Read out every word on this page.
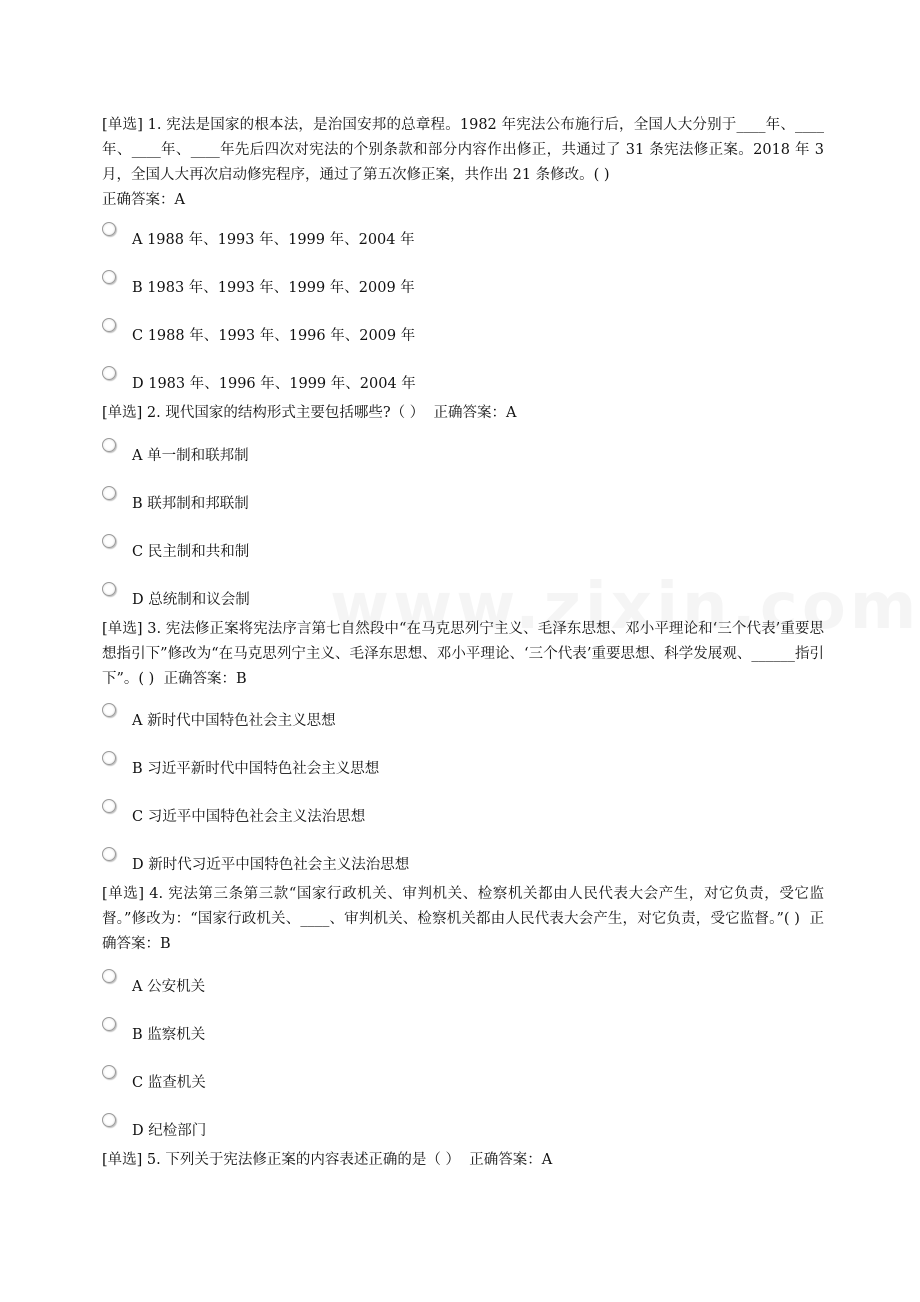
[单选] 1. 宪法是国家的根本法，是治国安邦的总章程。1982 年宪法公布施行后，全国人大分别于____年、____ 年、____年、____年先后四次对宪法的个别条款和部分内容作出修正，共通过了 31 条宪法修正案。2018 年 3 月，全国人大再次启动修宪程序，通过了第五次修正案，共作出 21 条修改。( )
正确答案：A
A 1988 年、1993 年、1999 年、2004 年
B 1983 年、1993 年、1999 年、2009 年
C 1988 年、1993 年、1996 年、2009 年
D 1983 年、1996 年、1999 年、2004 年
[单选] 2. 现代国家的结构形式主要包括哪些?（ ） 正确答案：A
A 单一制和联邦制
B 联邦制和邦联制
C 民主制和共和制
D 总统制和议会制
[单选] 3. 宪法修正案将宪法序言第七自然段中“在马克思列宁主义、毛泽东思想、邓小平理论和‘三个代表’重要思想指引下”修改为“在马克思列宁主义、毛泽东思想、邓小平理论、‘三个代表’重要思想、科学发展观、______指引下”。( ) 正确答案：B
A 新时代中国特色社会主义思想
B 习近平新时代中国特色社会主义思想
C 习近平中国特色社会主义法治思想
D 新时代习近平中国特色社会主义法治思想
[单选] 4. 宪法第三条第三款“国家行政机关、审判机关、检察机关都由人民代表大会产生，对它负责，受它监督。”修改为：“国家行政机关、____、审判机关、检察机关都由人民代表大会产生，对它负责，受它监督。”( ) 正确答案：B
A 公安机关
B 监察机关
C 监查机关
D 纪检部门
[单选] 5. 下列关于宪法修正案的内容表述正确的是（ ） 正确答案：A
